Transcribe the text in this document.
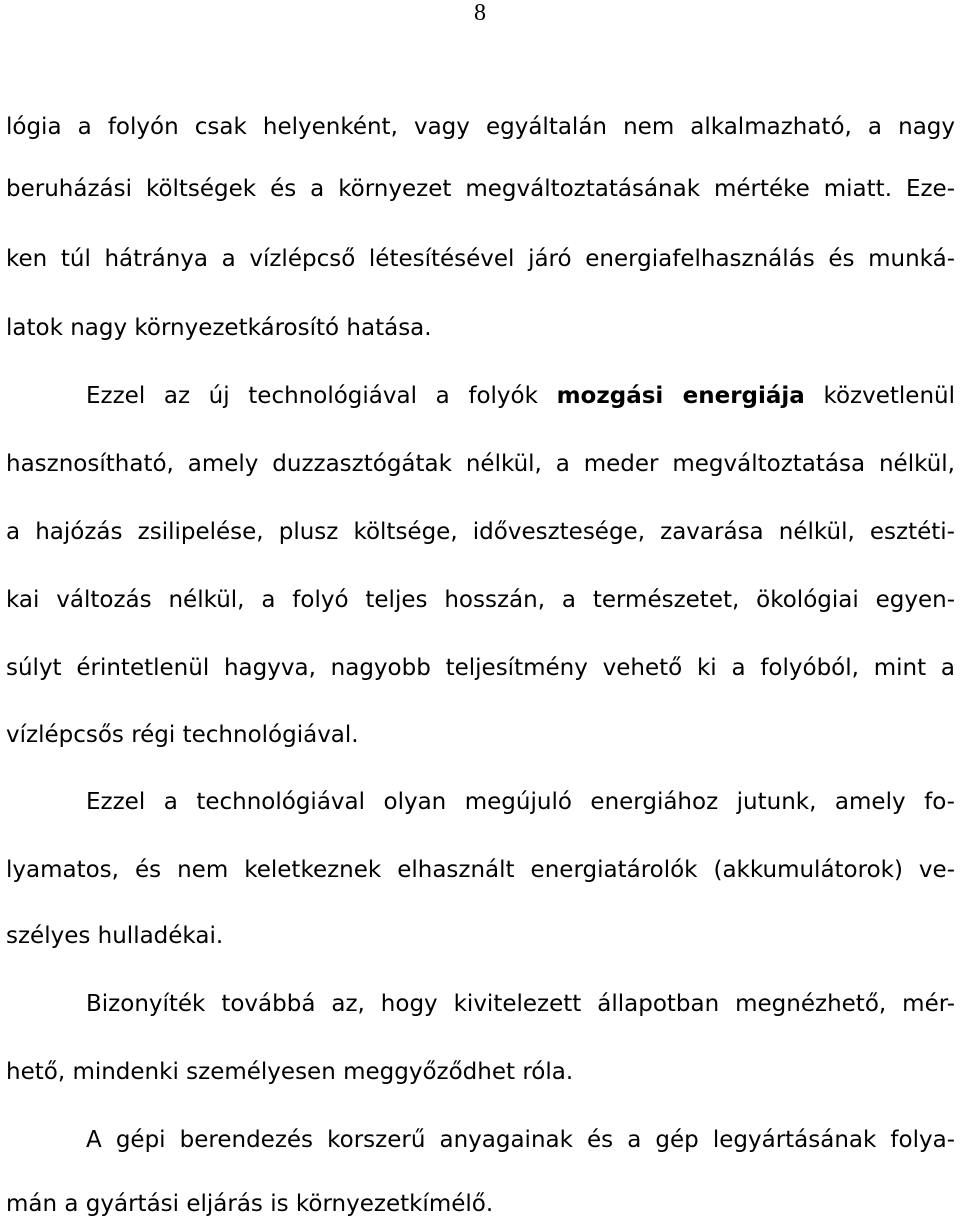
8
lógia a folyón csak helyenként, vagy egyáltalán nem alkalmazható, a nagy
beruházási költségek és a környezet megváltoztatásának mértéke miatt. Eze-
ken túl hátránya a vízlépcső létesítésével járó energiafelhasználás és munká-
latok nagy környezetkárosító hatása.
Ezzel az új technológiával a folyók mozgási energiája közvetlenül
hasznosítható, amely duzzasztógátak nélkül, a meder megváltoztatása nélkül,
a hajózás zsilipelése, plusz költsége, idővesztesége, zavarása nélkül, esztéti-
kai változás nélkül, a folyó teljes hosszán, a természetet, ökológiai egyen-
súlyt érintetlenül hagyva, nagyobb teljesítmény vehető ki a folyóból, mint a
vízlépcsős régi technológiával.
Ezzel a technológiával olyan megújuló energiához jutunk, amely fo-
lyamatos, és nem keletkeznek elhasznált energiatárolók (akkumulátorok) ve-
szélyes hulladékai.
Bizonyíték továbbá az, hogy kivitelezett állapotban megnézhető, mér-
hető, mindenki személyesen meggyőződhet róla.
A gépi berendezés korszerű anyagainak és a gép legyártásának folya-
mán a gyártási eljárás is környezetkímélő.
